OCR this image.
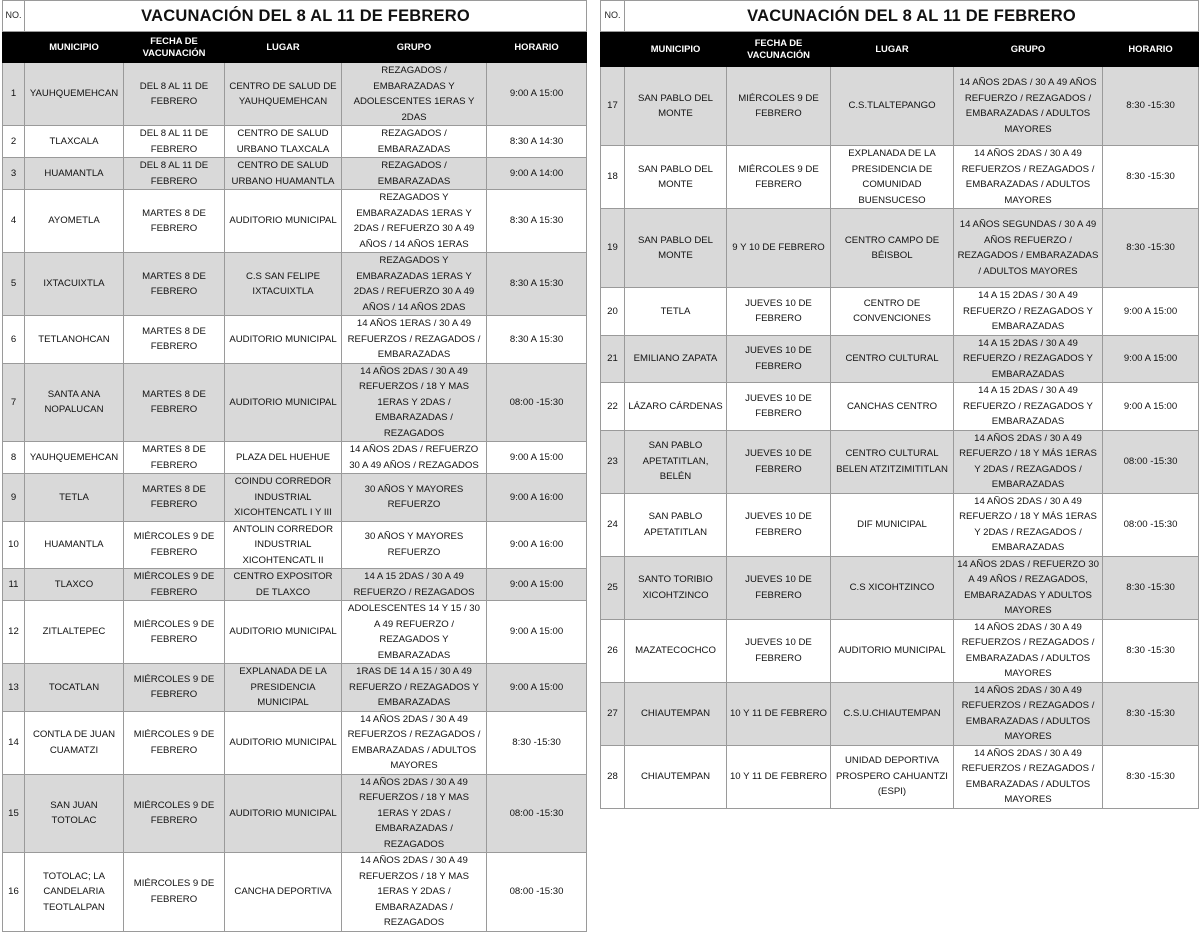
NO.	VACUNACIÓN DEL 8 AL 11 DE FEBRERO				
	MUNICIPIO	FECHA DE VACUNACIÓN	LUGAR	GRUPO	HORARIO
1	YAUHQUEMEHCAN	DEL 8 AL 11 DE FEBRERO	CENTRO DE SALUD DE YAUHQUEMEHCAN	REZAGADOS / EMBARAZADAS Y ADOLESCENTES 1ERAS Y 2DAS	9:00 A 15:00
2	TLAXCALA	DEL 8 AL 11 DE FEBRERO	CENTRO DE SALUD URBANO TLAXCALA	REZAGADOS / EMBARAZADAS	8:30 A 14:30
3	HUAMANTLA	DEL 8 AL 11 DE FEBRERO	CENTRO DE SALUD URBANO HUAMANTLA	REZAGADOS / EMBARAZADAS	9:00 A 14:00
4	AYOMETLA	MARTES 8 DE FEBRERO	AUDITORIO MUNICIPAL	REZAGADOS Y EMBARAZADAS 1ERAS Y 2DAS / REFUERZO 30 A 49 AÑOS / 14 AÑOS 1ERAS	8:30 A 15:30
5	IXTACUIXTLA	MARTES 8 DE FEBRERO	C.S SAN FELIPE IXTACUIXTLA	REZAGADOS Y EMBARAZADAS 1ERAS Y 2DAS / REFUERZO 30 A 49 AÑOS / 14 AÑOS 2DAS	8:30 A 15:30
6	TETLANOHCAN	MARTES 8 DE FEBRERO	AUDITORIO MUNICIPAL	14 AÑOS 1ERAS / 30 A 49 REFUERZOS / REZAGADOS / EMBARAZADAS	8:30 A 15:30
7	SANTA ANA NOPALUCAN	MARTES 8 DE FEBRERO	AUDITORIO MUNICIPAL	14 AÑOS 2DAS / 30 A 49 REFUERZOS / 18 Y MAS 1ERAS Y 2DAS / EMBARAZADAS / REZAGADOS	08:00 -15:30
8	YAUHQUEMEHCAN	MARTES 8 DE FEBRERO	PLAZA DEL HUEHUE	14 AÑOS 2DAS / REFUERZO 30 A 49 AÑOS / REZAGADOS	9:00 A 15:00
9	TETLA	MARTES 8 DE FEBRERO	COINDU CORREDOR INDUSTRIAL XICOHTENCATL I Y III	30 AÑOS Y MAYORES REFUERZO	9:00 A 16:00
10	HUAMANTLA	MIÉRCOLES 9 DE FEBRERO	ANTOLIN CORREDOR INDUSTRIAL XICOHTENCATL II	30 AÑOS Y MAYORES REFUERZO	9:00 A 16:00
11	TLAXCO	MIÉRCOLES 9 DE FEBRERO	CENTRO EXPOSITOR DE TLAXCO	14 A 15 2DAS / 30 A 49 REFUERZO / REZAGADOS	9:00 A 15:00
12	ZITLALTEPEC	MIÉRCOLES 9 DE FEBRERO	AUDITORIO MUNICIPAL	ADOLESCENTES 14 Y 15 / 30 A 49 REFUERZO / REZAGADOS Y EMBARAZADAS	9:00 A 15:00
13	TOCATLAN	MIÉRCOLES 9 DE FEBRERO	EXPLANADA DE LA PRESIDENCIA MUNICIPAL	1RAS DE 14 A 15 / 30 A 49 REFUERZO / REZAGADOS Y EMBARAZADAS	9:00 A 15:00
14	CONTLA DE JUAN CUAMATZI	MIÉRCOLES 9 DE FEBRERO	AUDITORIO MUNICIPAL	14 AÑOS 2DAS / 30 A 49 REFUERZOS / REZAGADOS / EMBARAZADAS / ADULTOS MAYORES	8:30 -15:30
15	SAN JUAN TOTOLAC	MIÉRCOLES 9 DE FEBRERO	AUDITORIO MUNICIPAL	14 AÑOS 2DAS / 30 A 49 REFUERZOS / 18 Y MAS 1ERAS Y 2DAS / EMBARAZADAS / REZAGADOS	08:00 -15:30
16	TOTOLAC; LA CANDELARIA TEOTLALPAN	MIÉRCOLES 9 DE FEBRERO	CANCHA DEPORTIVA	14 AÑOS 2DAS / 30 A 49 REFUERZOS / 18 Y MAS 1ERAS Y 2DAS / EMBARAZADAS / REZAGADOS	08:00 -15:30
NO.	VACUNACIÓN DEL 8 AL 11 DE FEBRERO				
	MUNICIPIO	FECHA DE VACUNACIÓN	LUGAR	GRUPO	HORARIO
17	SAN PABLO DEL MONTE	MIÉRCOLES 9 DE FEBRERO	C.S.TLALTEPANGO	14 AÑOS 2DAS / 30 A 49 AÑOS REFUERZO / REZAGADOS / EMBARAZADAS / ADULTOS MAYORES	8:30 -15:30
18	SAN PABLO DEL MONTE	MIÉRCOLES 9 DE FEBRERO	EXPLANADA DE LA PRESIDENCIA DE COMUNIDAD BUENSUCESO	14 AÑOS 2DAS / 30 A 49 REFUERZOS / REZAGADOS / EMBARAZADAS / ADULTOS MAYORES	8:30 -15:30
19	SAN PABLO DEL MONTE	9 Y 10 DE FEBRERO	CENTRO CAMPO DE BÉISBOL	14 AÑOS SEGUNDAS / 30 A 49 AÑOS REFUERZO / REZAGADOS / EMBARAZADAS / ADULTOS MAYORES	8:30 -15:30
20	TETLA	JUEVES 10 DE FEBRERO	CENTRO DE CONVENCIONES	14 A 15 2DAS / 30 A 49 REFUERZO / REZAGADOS Y EMBARAZADAS	9:00 A 15:00
21	EMILIANO ZAPATA	JUEVES 10 DE FEBRERO	CENTRO CULTURAL	14 A 15 2DAS / 30 A 49 REFUERZO / REZAGADOS Y EMBARAZADAS	9:00 A 15:00
22	LÁZARO CÁRDENAS	JUEVES 10 DE FEBRERO	CANCHAS CENTRO	14 A 15 2DAS / 30 A 49 REFUERZO / REZAGADOS Y EMBARAZADAS	9:00 A 15:00
23	SAN PABLO APETATITLAN, BELÉN	JUEVES 10 DE FEBRERO	CENTRO CULTURAL BELEN ATZITZIMITITLAN	14 AÑOS 2DAS / 30 A 49 REFUERZO / 18 Y MÁS 1ERAS Y 2DAS / REZAGADOS / EMBARAZADAS	08:00 -15:30
24	SAN PABLO APETATITLAN	JUEVES 10 DE FEBRERO	DIF MUNICIPAL	14 AÑOS 2DAS / 30 A 49 REFUERZO / 18 Y MÁS 1ERAS Y 2DAS / REZAGADOS / EMBARAZADAS	08:00 -15:30
25	SANTO TORIBIO XICOHTZINCO	JUEVES 10 DE FEBRERO	C.S XICOHTZINCO	14 AÑOS 2DAS / REFUERZO 30 A 49 AÑOS / REZAGADOS, EMBARAZADAS Y ADULTOS MAYORES	8:30 -15:30
26	MAZATECOCHCO	JUEVES 10 DE FEBRERO	AUDITORIO MUNICIPAL	14 AÑOS 2DAS / 30 A 49 REFUERZOS / REZAGADOS / EMBARAZADAS / ADULTOS MAYORES	8:30 -15:30
27	CHIAUTEMPAN	10 Y 11 DE FEBRERO	C.S.U.CHIAUTEMPAN	14 AÑOS 2DAS / 30 A 49 REFUERZOS / REZAGADOS / EMBARAZADAS / ADULTOS MAYORES	8:30 -15:30
28	CHIAUTEMPAN	10 Y 11 DE FEBRERO	UNIDAD DEPORTIVA PROSPERO CAHUANTZI (ESPI)	14 AÑOS 2DAS / 30 A 49 REFUERZOS / REZAGADOS / EMBARAZADAS / ADULTOS MAYORES	8:30 -15:30
